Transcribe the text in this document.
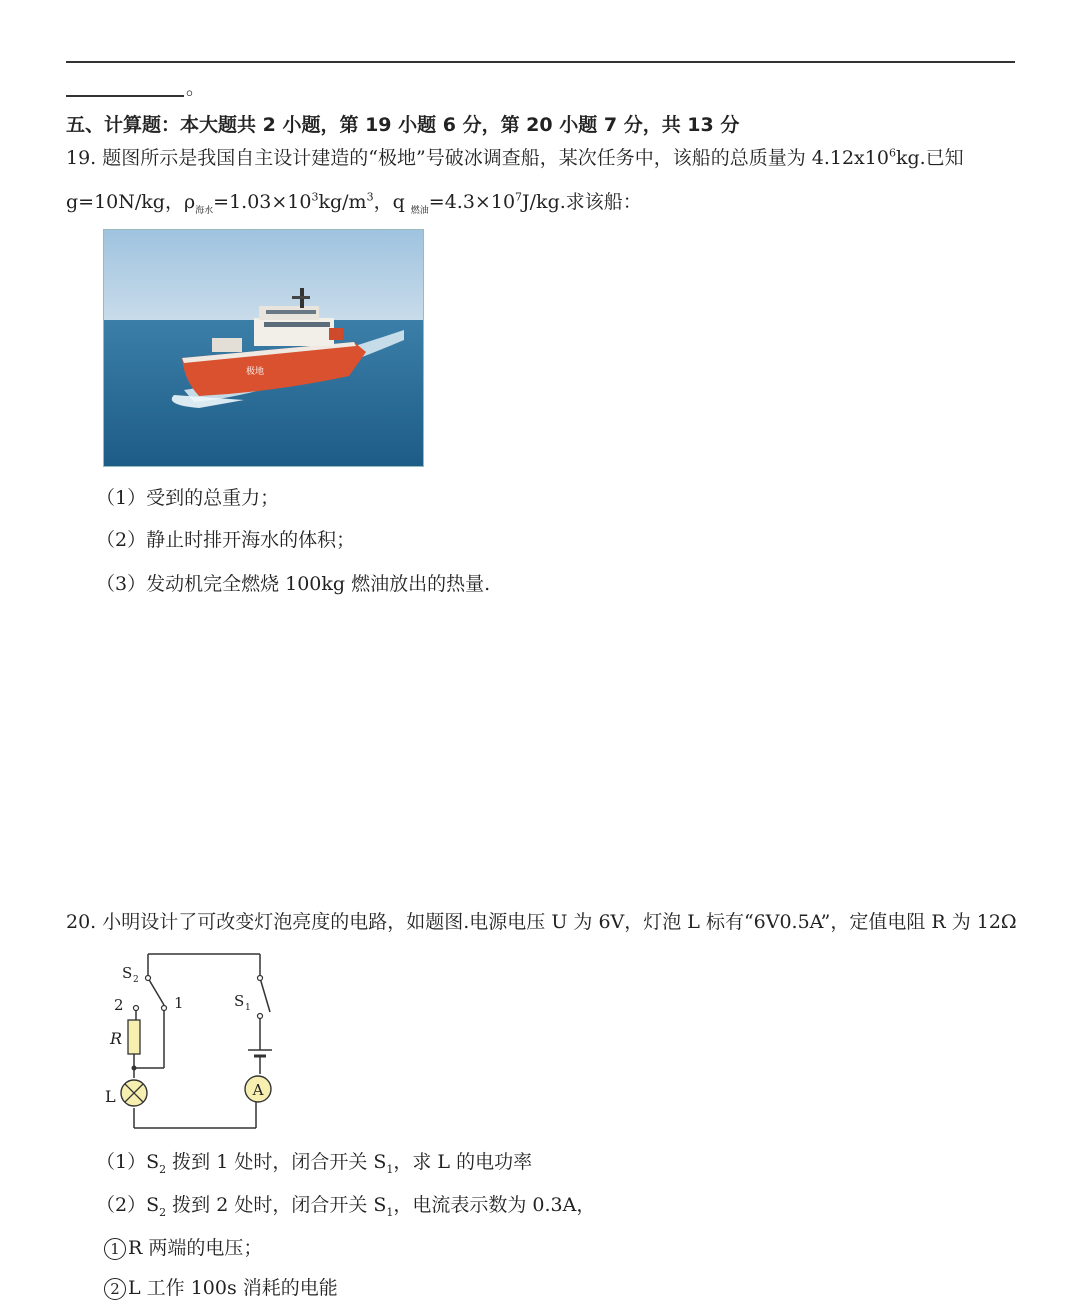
。
五、计算题：本大题共 2 小题，第 19 小题 6 分，第 20 小题 7 分，共 13 分
19. 题图所示是我国自主设计建造的“极地”号破冰调查船，某次任务中，该船的总质量为 $4.12x10^6kg$.已知
g=10N/kg，$\rho_{海水}=1.03\times 10^3kg/m^3$，q $_{燃油}=4.3\times 10^7J/kg$.求该船：
极地
（1）受到的总重力；
（2）静止时排开海水的体积；
（3）发动机完全燃烧 100kg 燃油放出的热量.
20. 小明设计了可改变灯泡亮度的电路，如题图.电源电压 U 为 6V，灯泡 L 标有“6V0.5A”，定值电阻 R 为 12Ω
A
S 2
S 1
2	1
R
L
$(1)S_2$ 拨到 1 处时，闭合开关 $S_1$，求 L 的电功率
$(2)S_2$ 拨到 2 处时，闭合开关 $S_1$，电流表示数为 0.3A，
1 R 两端的电压；
2 L 工作 100s 消耗的电能
